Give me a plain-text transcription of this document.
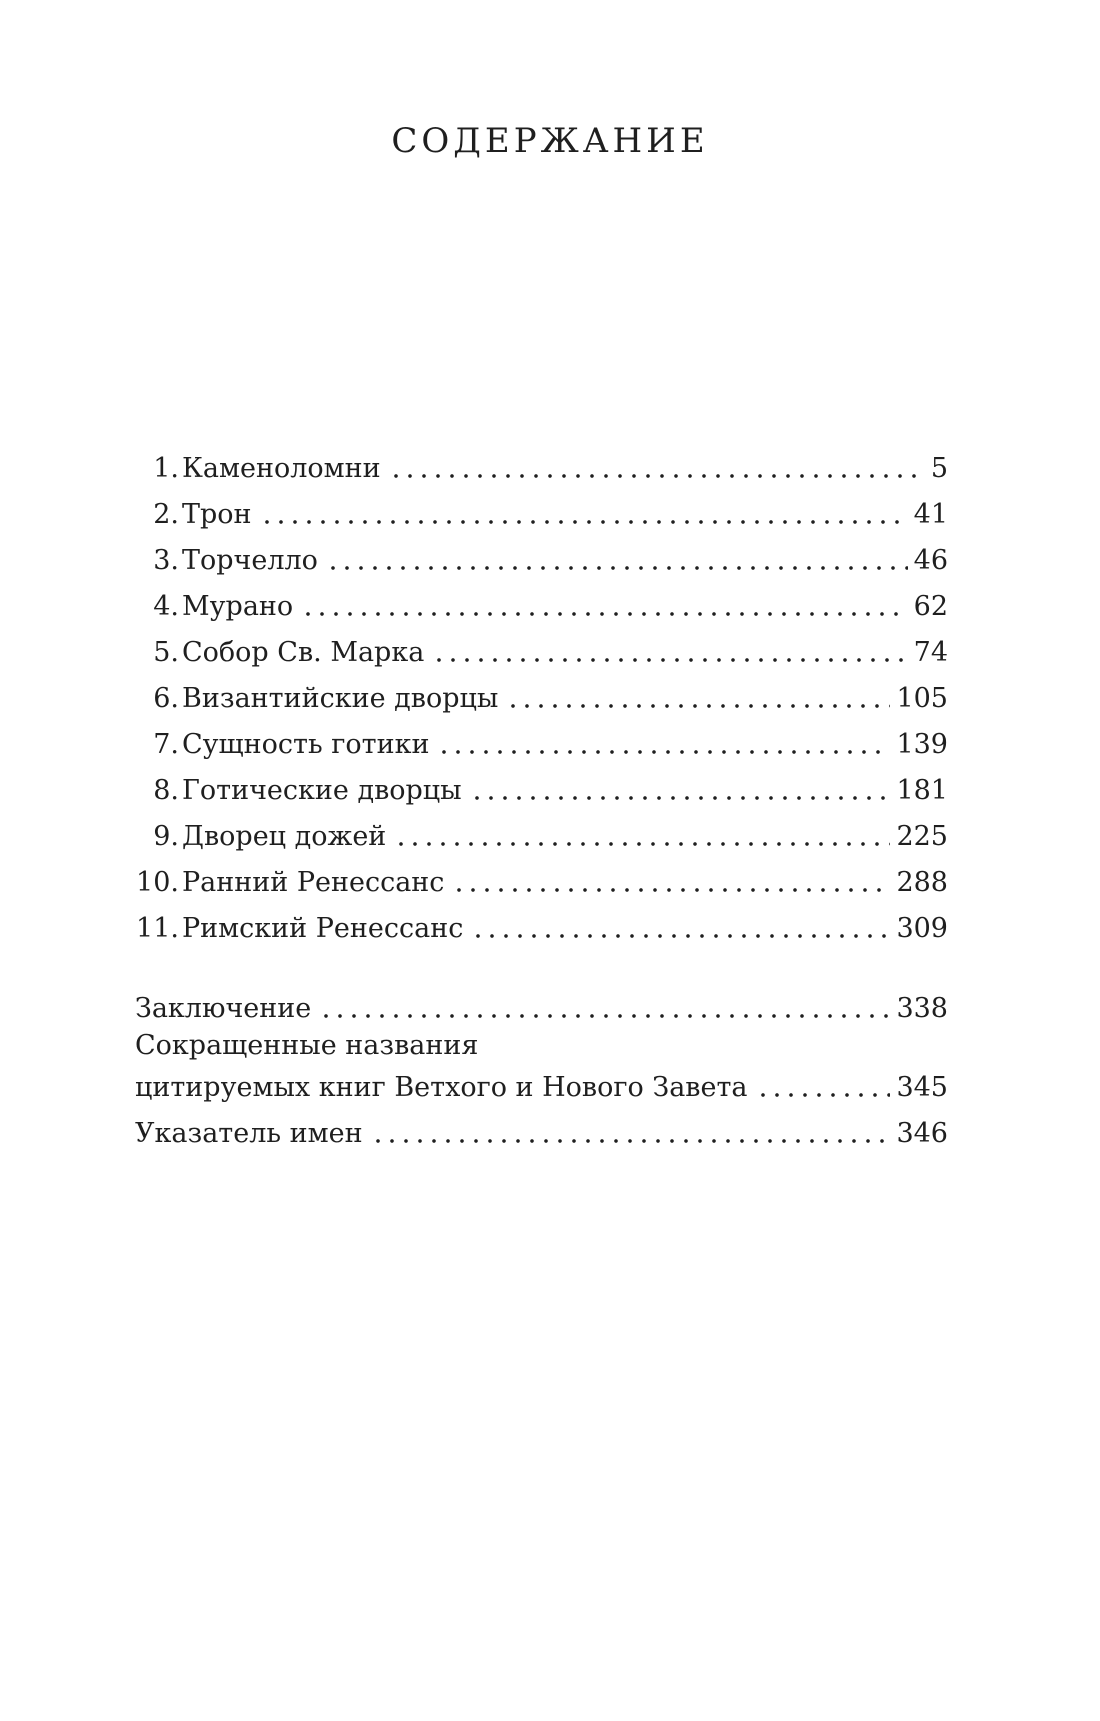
СОДЕРЖАНИЕ
1. Каменоломни	5
2. Трон	41
3. Торчелло	46
4. Мурано	62
5. Собор Св. Марка	74
6. Византийские дворцы	105
7. Сущность готики	139
8. Готические дворцы	181
9. Дворец дожей	225
10. Ранний Ренессанс	288
11. Римский Ренессанс	309
Заключение	338
Сокращенные названия
цитируемых книг Ветхого и Нового Завета	345
Указатель имен	346
